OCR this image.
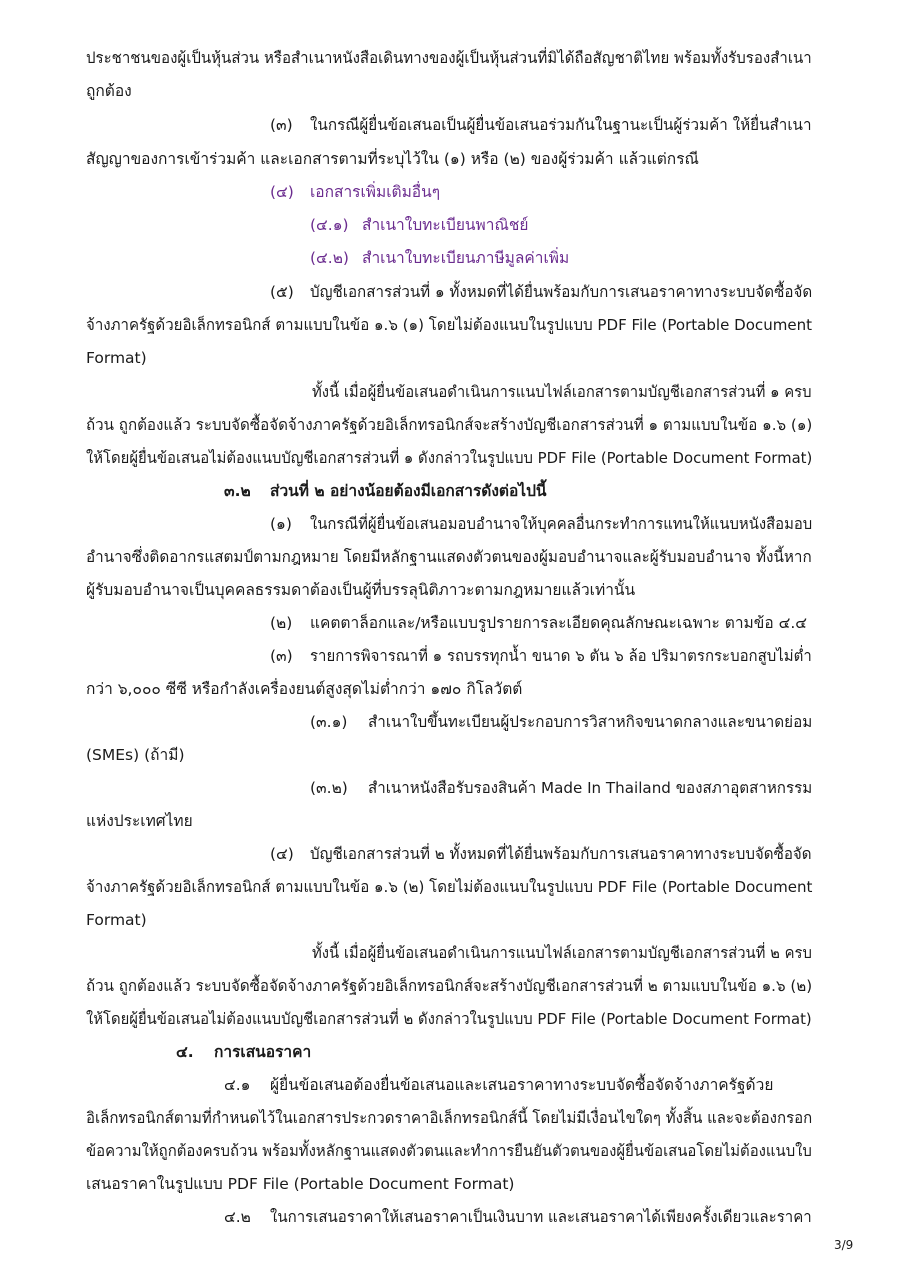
ประชาชนของผู้เป็นหุ้นส่วน หรือสำเนาหนังสือเดินทางของผู้เป็นหุ้นส่วนที่มิได้ถือสัญชาติไทย พร้อมทั้งรับรองสำเนา
ถูกต้อง
(๓) ในกรณีผู้ยื่นข้อเสนอเป็นผู้ยื่นข้อเสนอร่วมกันในฐานะเป็นผู้ร่วมค้า ให้ยื่นสำเนา
สัญญาของการเข้าร่วมค้า และเอกสารตามที่ระบุไว้ใน (๑) หรือ (๒) ของผู้ร่วมค้า แล้วแต่กรณี
(๔) เอกสารเพิ่มเติมอื่นๆ
(๔.๑) สำเนาใบทะเบียนพาณิชย์
(๔.๒) สำเนาใบทะเบียนภาษีมูลค่าเพิ่ม
(๕) บัญชีเอกสารส่วนที่ ๑ ทั้งหมดที่ได้ยื่นพร้อมกับการเสนอราคาทางระบบจัดซื้อจัด
จ้างภาครัฐด้วยอิเล็กทรอนิกส์ ตามแบบในข้อ ๑.๖ (๑) โดยไม่ต้องแนบในรูปแบบ PDF File (Portable Document
Format)
ทั้งนี้ เมื่อผู้ยื่นข้อเสนอดำเนินการแนบไฟล์เอกสารตามบัญชีเอกสารส่วนที่ ๑ ครบ
ถ้วน ถูกต้องแล้ว ระบบจัดซื้อจัดจ้างภาครัฐด้วยอิเล็กทรอนิกส์จะสร้างบัญชีเอกสารส่วนที่ ๑ ตามแบบในข้อ ๑.๖ (๑)
ให้โดยผู้ยื่นข้อเสนอไม่ต้องแนบบัญชีเอกสารส่วนที่ ๑ ดังกล่าวในรูปแบบ PDF File (Portable Document Format)
๓.๒ ส่วนที่ ๒ อย่างน้อยต้องมีเอกสารดังต่อไปนี้
(๑) ในกรณีที่ผู้ยื่นข้อเสนอมอบอำนาจให้บุคคลอื่นกระทำการแทนให้แนบหนังสือมอบ
อำนาจซึ่งติดอากรแสตมป์ตามกฎหมาย โดยมีหลักฐานแสดงตัวตนของผู้มอบอำนาจและผู้รับมอบอำนาจ ทั้งนี้หาก
ผู้รับมอบอำนาจเป็นบุคคลธรรมดาต้องเป็นผู้ที่บรรลุนิติภาวะตามกฎหมายแล้วเท่านั้น
(๒) แคตตาล็อกและ/หรือแบบรูปรายการละเอียดคุณลักษณะเฉพาะ ตามข้อ ๔.๔
(๓) รายการพิจารณาที่ ๑ รถบรรทุกน้ำ ขนาด ๖ ตัน ๖ ล้อ ปริมาตรกระบอกสูบไม่ต่ำ
กว่า ๖,๐๐๐ ซีซี หรือกำลังเครื่องยนต์สูงสุดไม่ต่ำกว่า ๑๗๐ กิโลวัตต์
(๓.๑) สำเนาใบขึ้นทะเบียนผู้ประกอบการวิสาหกิจขนาดกลางและขนาดย่อม
(SMEs) (ถ้ามี)
(๓.๒) สำเนาหนังสือรับรองสินค้า Made In Thailand ของสภาอุตสาหกรรม
แห่งประเทศไทย
(๔) บัญชีเอกสารส่วนที่ ๒ ทั้งหมดที่ได้ยื่นพร้อมกับการเสนอราคาทางระบบจัดซื้อจัด
จ้างภาครัฐด้วยอิเล็กทรอนิกส์ ตามแบบในข้อ ๑.๖ (๒) โดยไม่ต้องแนบในรูปแบบ PDF File (Portable Document
Format)
ทั้งนี้ เมื่อผู้ยื่นข้อเสนอดำเนินการแนบไฟล์เอกสารตามบัญชีเอกสารส่วนที่ ๒ ครบ
ถ้วน ถูกต้องแล้ว ระบบจัดซื้อจัดจ้างภาครัฐด้วยอิเล็กทรอนิกส์จะสร้างบัญชีเอกสารส่วนที่ ๒ ตามแบบในข้อ ๑.๖ (๒)
ให้โดยผู้ยื่นข้อเสนอไม่ต้องแนบบัญชีเอกสารส่วนที่ ๒ ดังกล่าวในรูปแบบ PDF File (Portable Document Format)
๔. การเสนอราคา
๔.๑ ผู้ยื่นข้อเสนอต้องยื่นข้อเสนอและเสนอราคาทางระบบจัดซื้อจัดจ้างภาครัฐด้วย
อิเล็กทรอนิกส์ตามที่กำหนดไว้ในเอกสารประกวดราคาอิเล็กทรอนิกส์นี้ โดยไม่มีเงื่อนไขใดๆ ทั้งสิ้น และจะต้องกรอก
ข้อความให้ถูกต้องครบถ้วน พร้อมทั้งหลักฐานแสดงตัวตนและทำการยืนยันตัวตนของผู้ยื่นข้อเสนอโดยไม่ต้องแนบใบ
เสนอราคาในรูปแบบ PDF File (Portable Document Format)
๔.๒ ในการเสนอราคาให้เสนอราคาเป็นเงินบาท และเสนอราคาได้เพียงครั้งเดียวและราคา
3/9
